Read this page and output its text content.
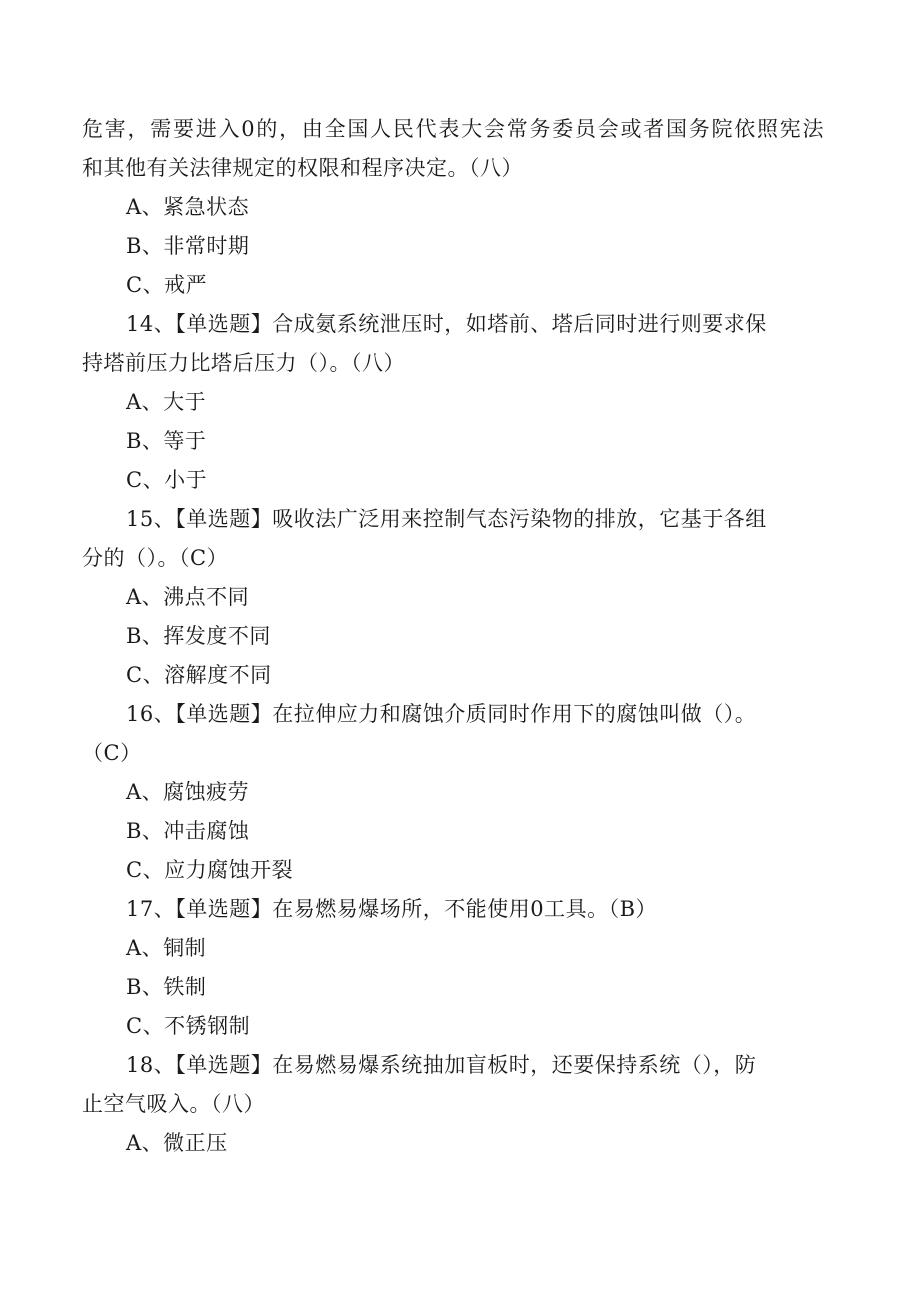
危害，需要进入0的，由全国人民代表大会常务委员会或者国务院依照宪法
和其他有关法律规定的权限和程序决定。（八）
A、紧急状态
B、非常时期
C、戒严
14、【单选题】合成氨系统泄压时，如塔前、塔后同时进行则要求保
持塔前压力比塔后压力（）。（八）
A、大于
B、等于
C、小于
15、【单选题】吸收法广泛用来控制气态污染物的排放，它基于各组
分的（）。（C）
A、沸点不同
B、挥发度不同
C、溶解度不同
16、【单选题】在拉伸应力和腐蚀介质同时作用下的腐蚀叫做（）。
（C）
A、腐蚀疲劳
B、冲击腐蚀
C、应力腐蚀开裂
17、【单选题】在易燃易爆场所，不能使用0工具。（B）
A、铜制
B、铁制
C、不锈钢制
18、【单选题】在易燃易爆系统抽加盲板时，还要保持系统（），防
止空气吸入。（八）
A、微正压
